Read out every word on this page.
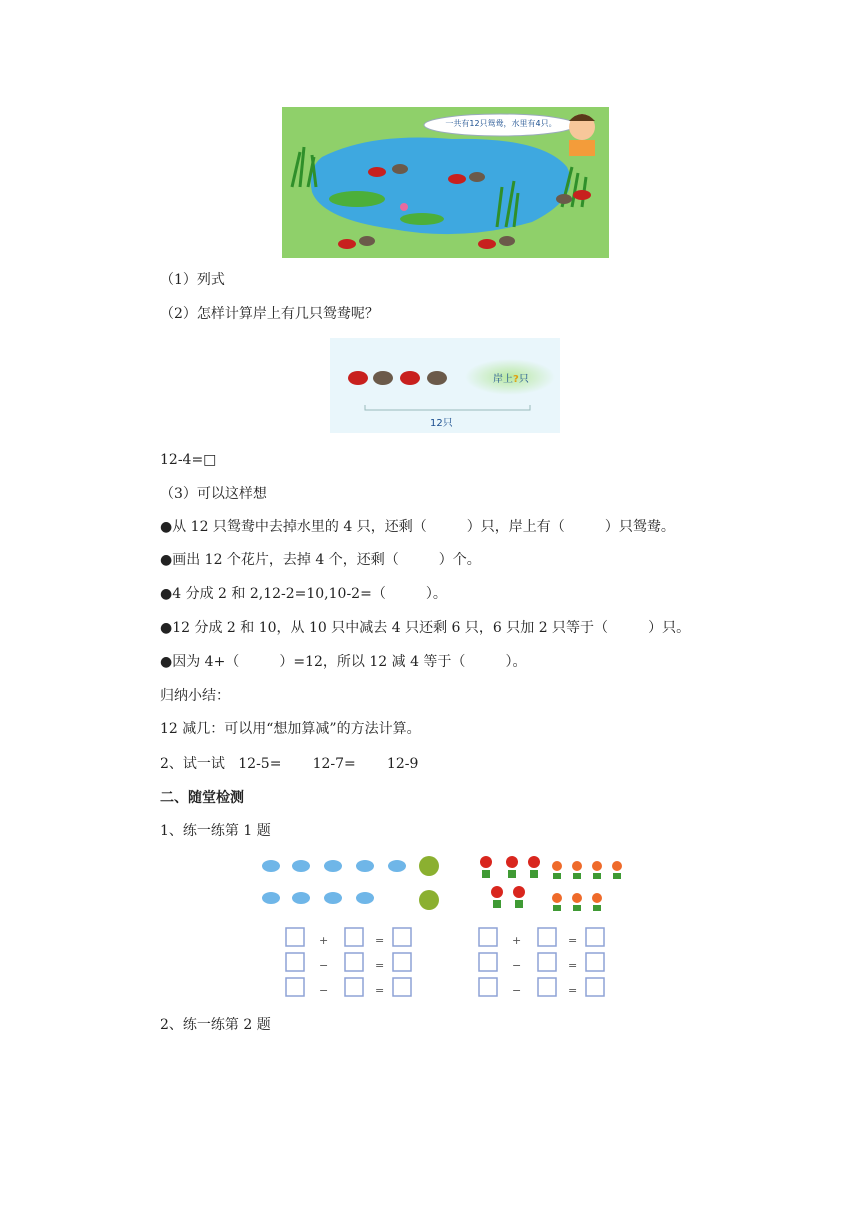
一共有12只鸳鸯，水里有4只。
（1）列式
（2）怎样计算岸上有几只鸳鸯呢？
岸上?只
12只
12-4=□
（3）可以这样想
●从 12 只鸳鸯中去掉水里的 4 只，还剩（         ）只，岸上有（         ）只鸳鸯。
●画出 12 个花片，去掉 4 个，还剩（         ）个。
●4 分成 2 和 2,12-2=10,10-2=（         ）。
●12 分成 2 和 10，从 10 只中减去 4 只还剩 6 只，6 只加 2 只等于（         ）只。
●因为 4+（         ）=12，所以 12 减 4 等于（         ）。
归纳小结：
12 减几：可以用“想加算减”的方法计算。
2、试一试   12-5=       12-7=       12-9
二、随堂检测
1、练一练第 1 题
+
−
−
=
=
=
+
−
−
=
=
=
2、练一练第 2 题
